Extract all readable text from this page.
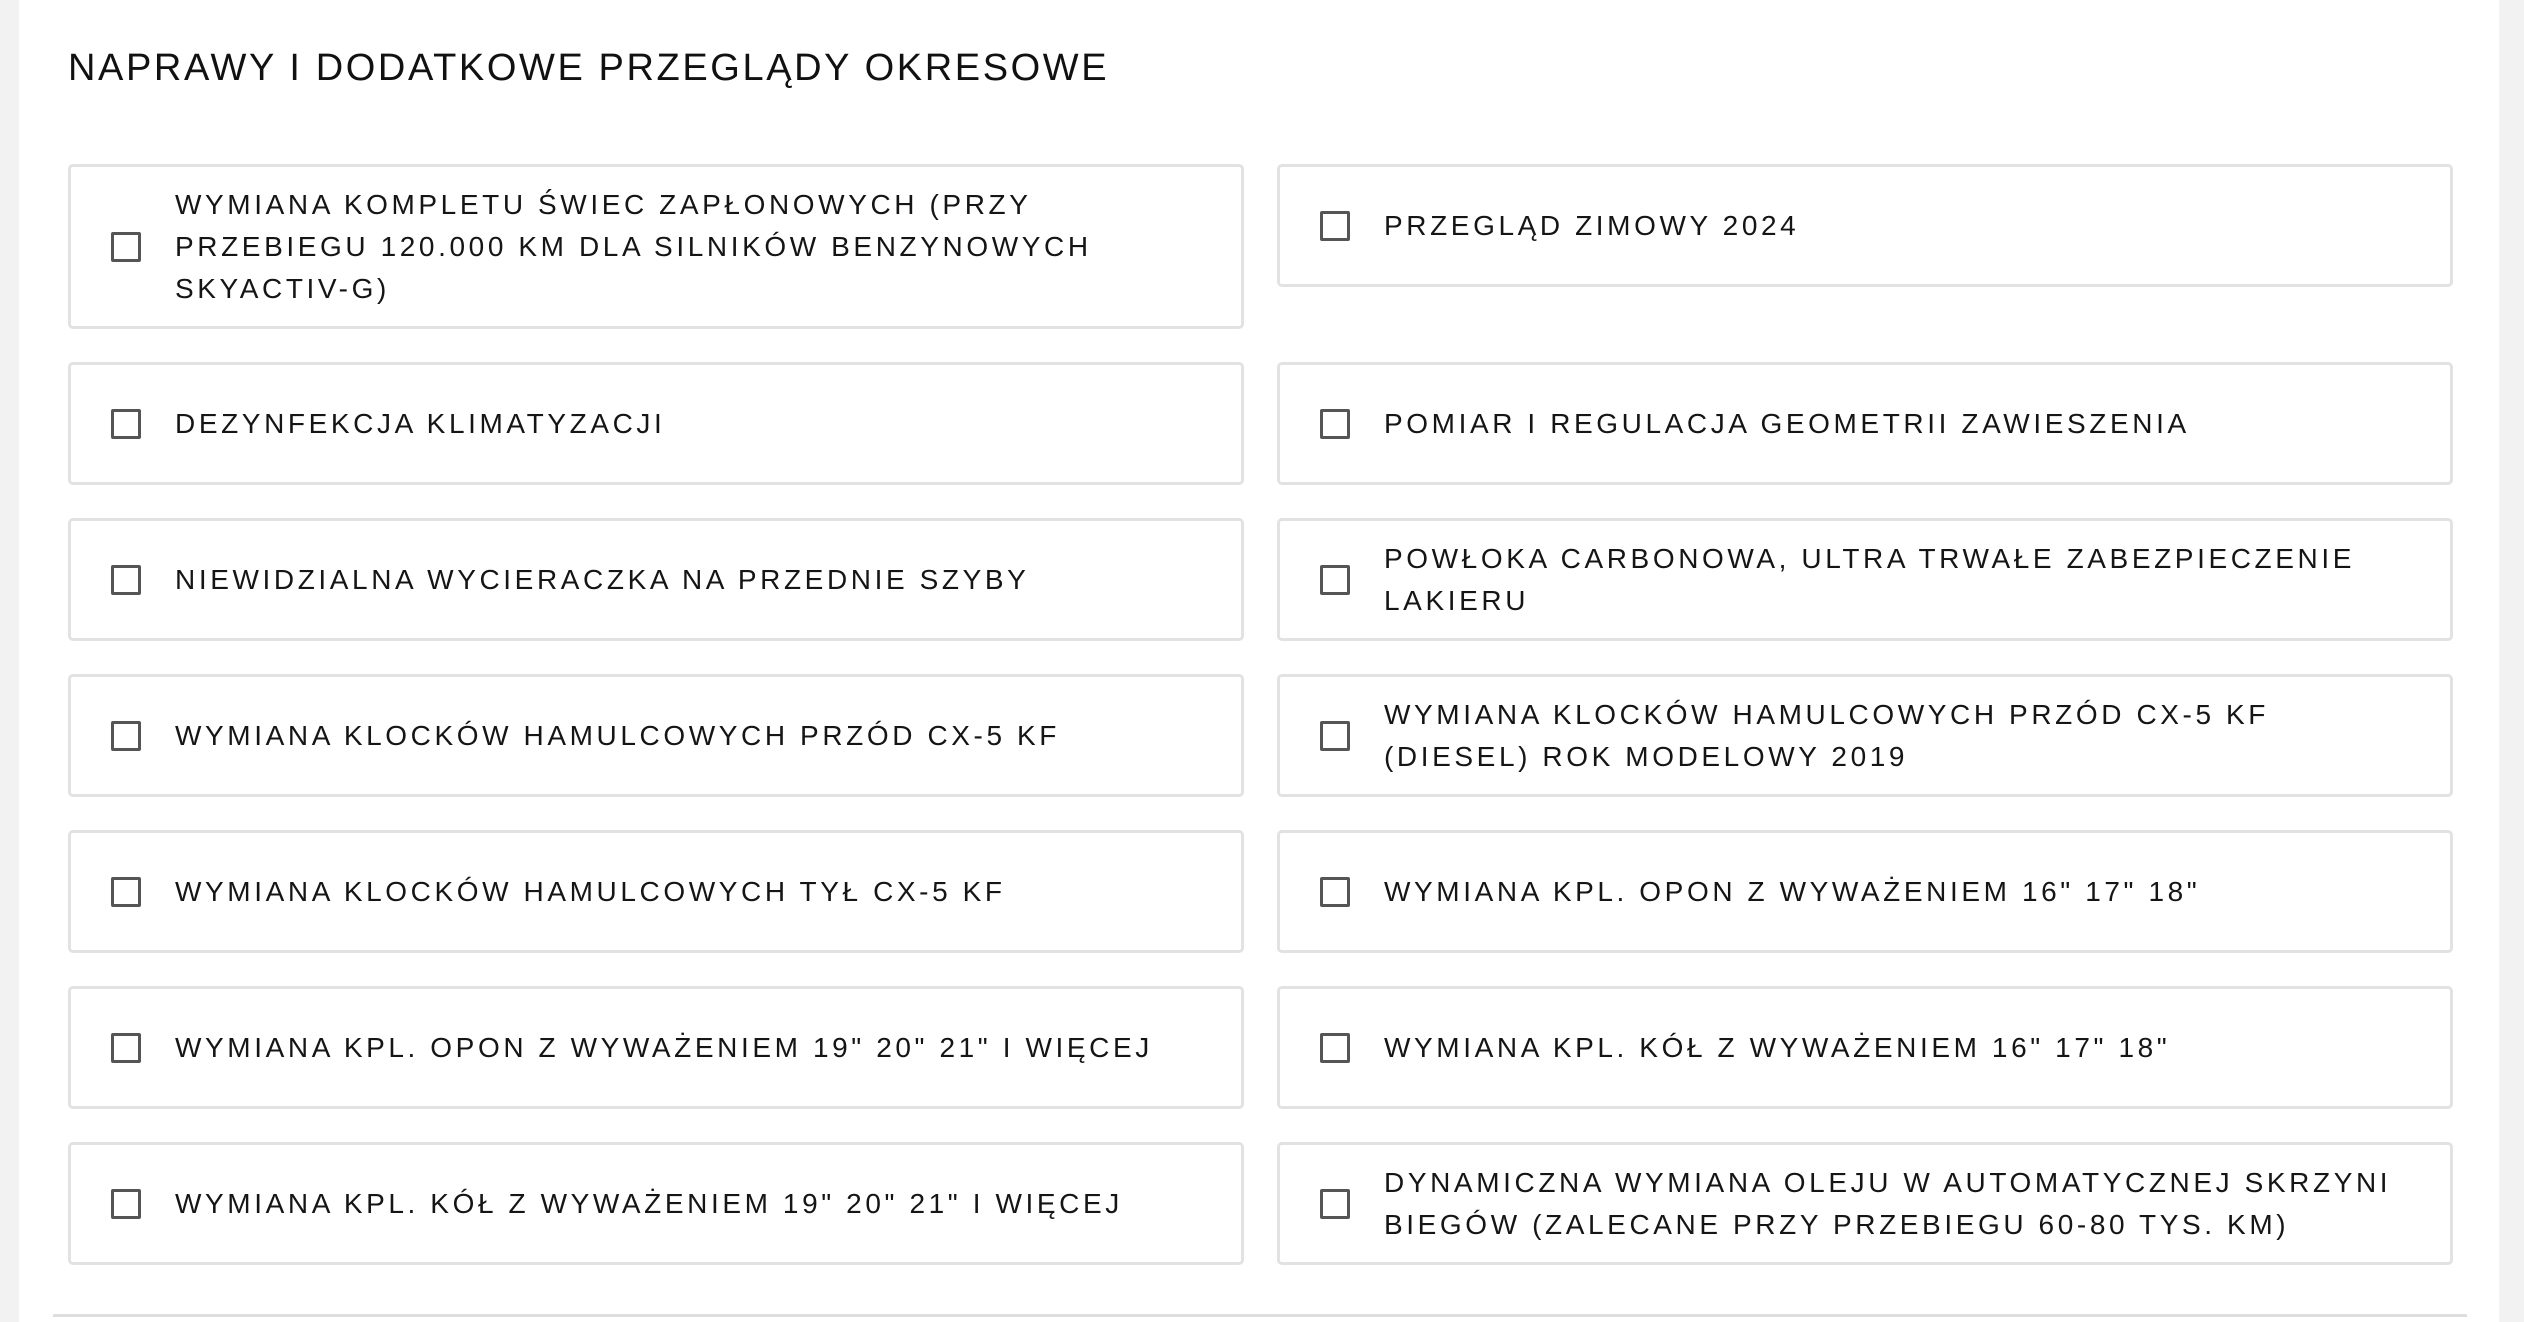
NAPRAWY I DODATKOWE PRZEGLĄDY OKRESOWE
WYMIANA KOMPLETU ŚWIEC ZAPŁONOWYCH (PRZY PRZEBIEGU 120.000 KM DLA SILNIKÓW BENZYNOWYCH SKYACTIV-G)
PRZEGLĄD ZIMOWY 2024
DEZYNFEKCJA KLIMATYZACJI	POMIAR I REGULACJA GEOMETRII ZAWIESZENIA
NIEWIDZIALNA WYCIERACZKA NA PRZEDNIE SZYBY
POWŁOKA CARBONOWA, ULTRA TRWAŁE ZABEZPIECZENIE LAKIERU
WYMIANA KLOCKÓW HAMULCOWYCH PRZÓD CX-5 KF
WYMIANA KLOCKÓW HAMULCOWYCH PRZÓD CX-5 KF (DIESEL) ROK MODELOWY 2019
WYMIANA KLOCKÓW HAMULCOWYCH TYŁ CX-5 KF	WYMIANA KPL. OPON Z WYWAŻENIEM 16" 17" 18"
WYMIANA KPL. OPON Z WYWAŻENIEM 19" 20" 21" I WIĘCEJ	WYMIANA KPL. KÓŁ Z WYWAŻENIEM 16" 17" 18"
WYMIANA KPL. KÓŁ Z WYWAŻENIEM 19" 20" 21" I WIĘCEJ
DYNAMICZNA WYMIANA OLEJU W AUTOMATYCZNEJ SKRZYNI BIEGÓW (ZALECANE PRZY PRZEBIEGU 60-80 TYS. KM)
